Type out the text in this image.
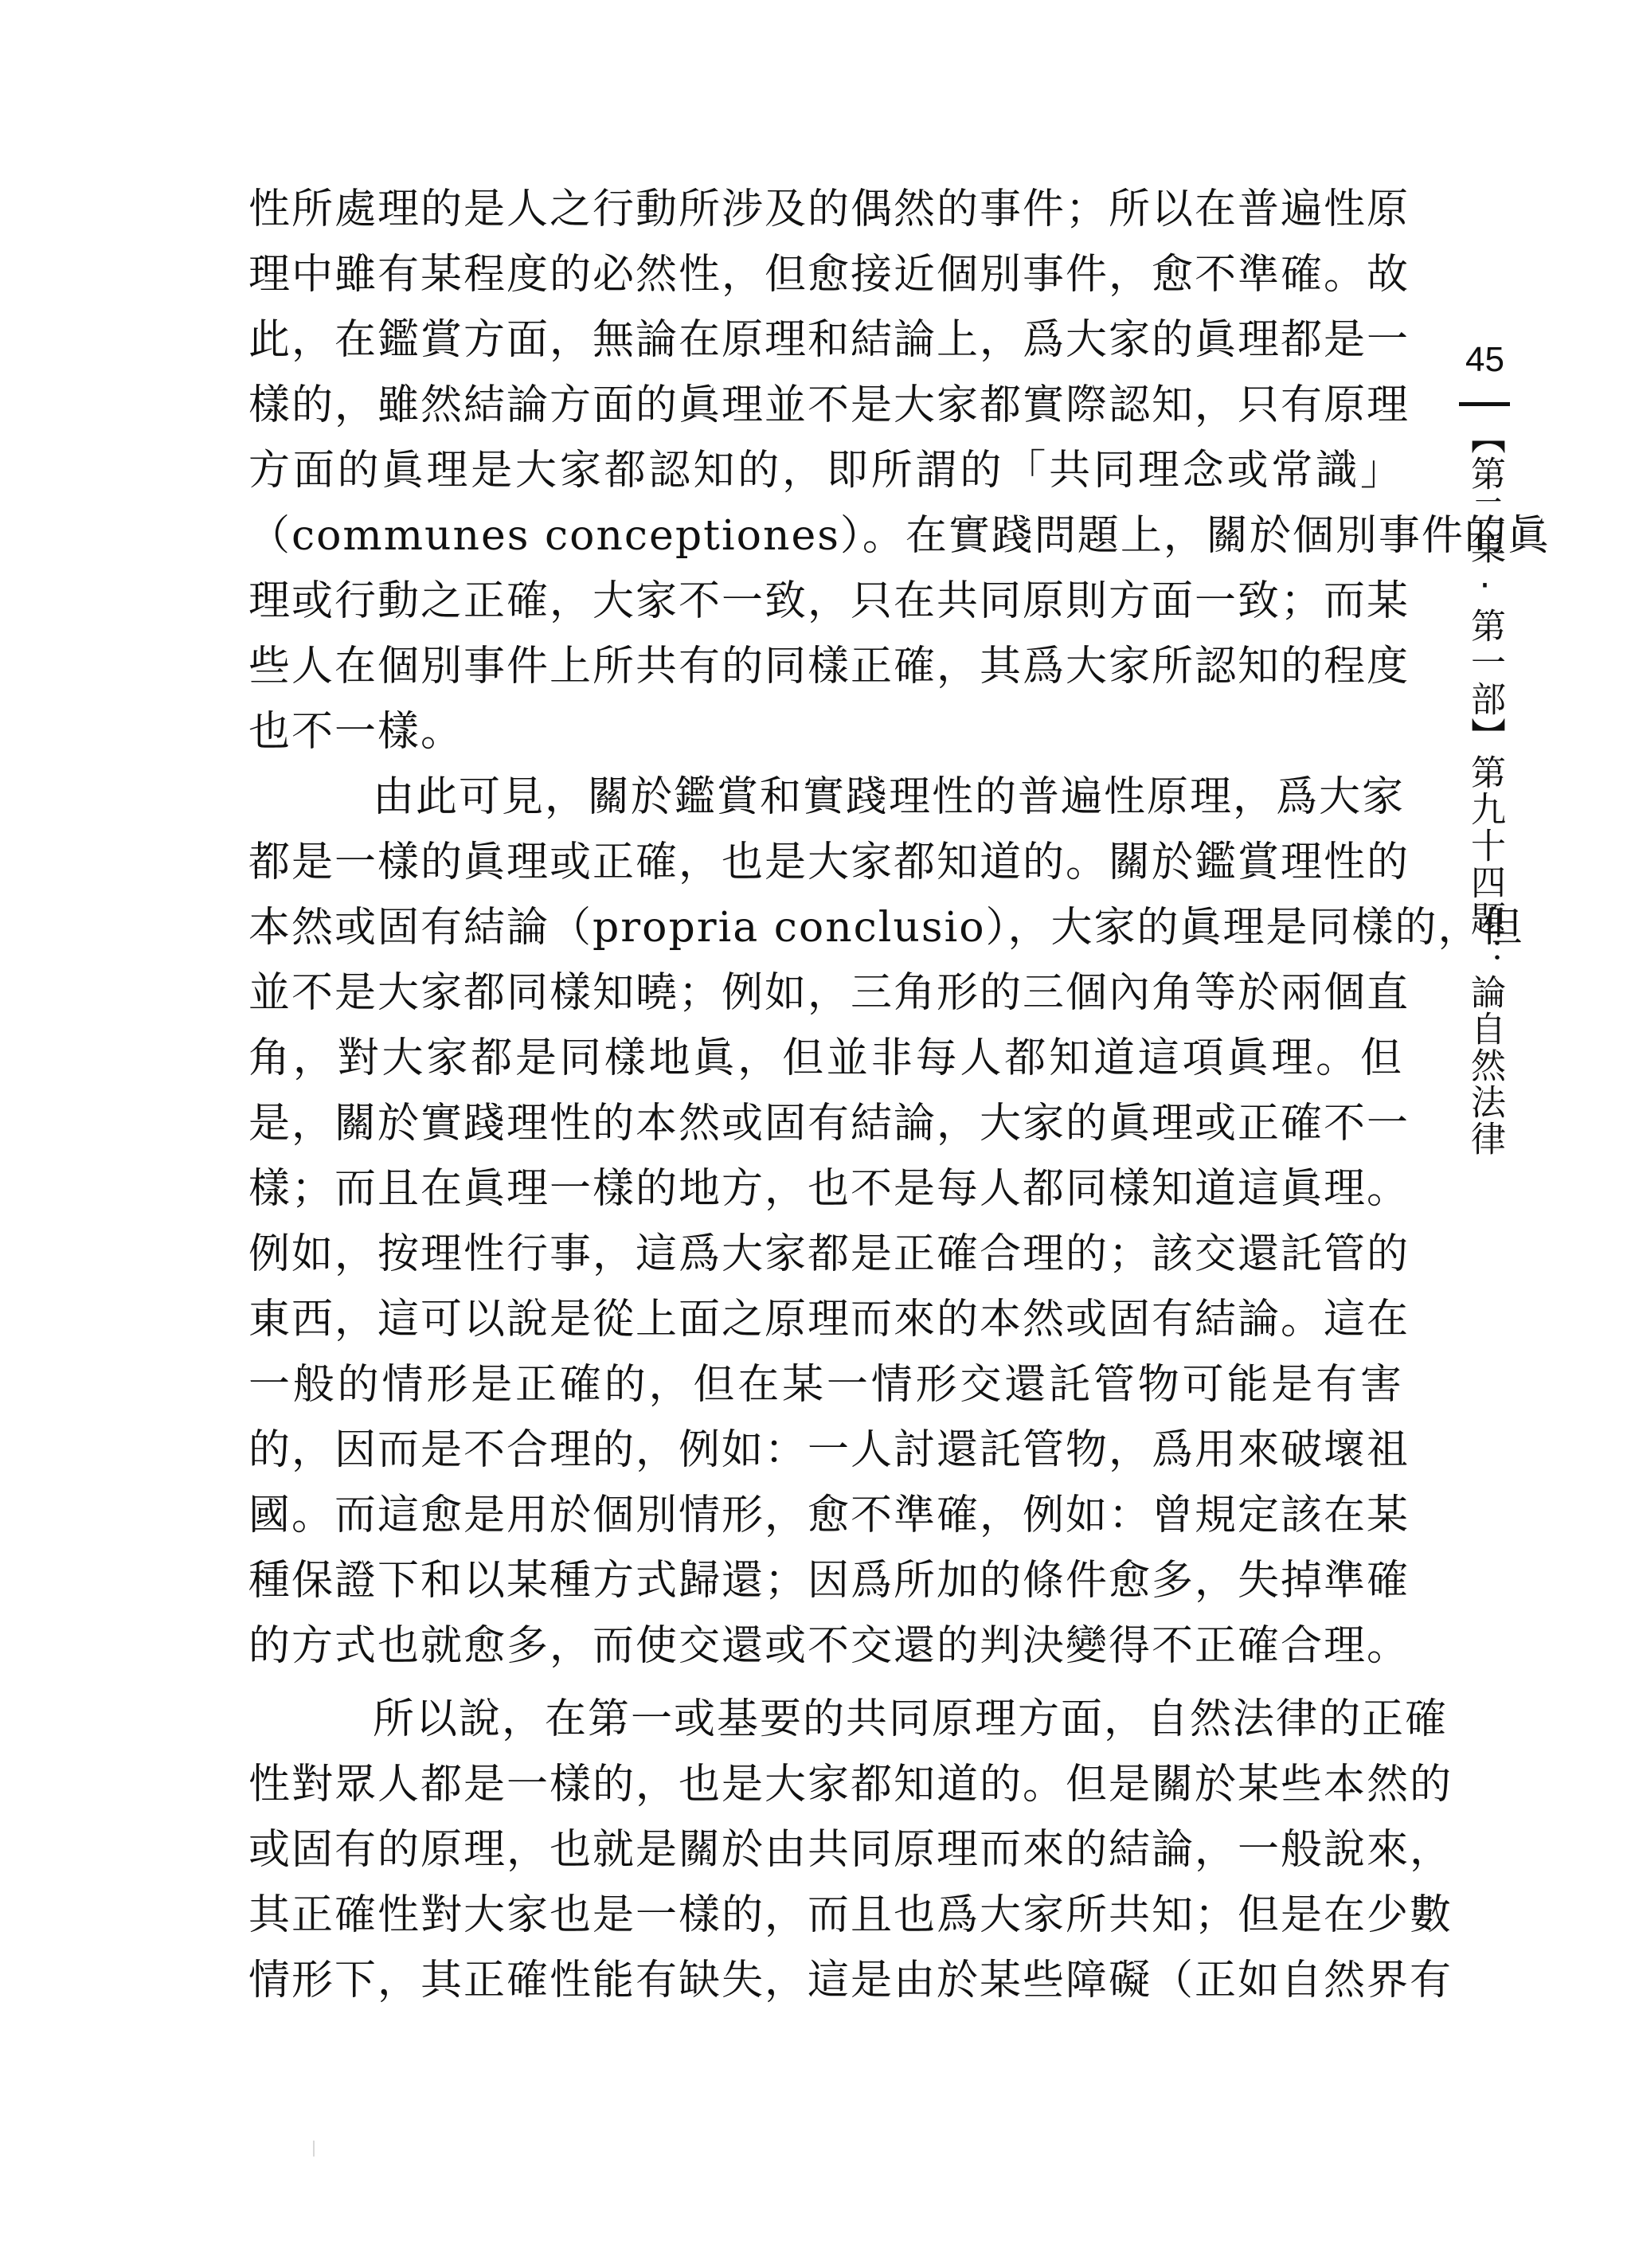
性所處理的是人之行動所涉及的偶然的事件；所以在普遍性原
理中雖有某程度的必然性，但愈接近個別事件，愈不準確。故
此，在鑑賞方面，無論在原理和結論上，爲大家的眞理都是一
樣的，雖然結論方面的眞理並不是大家都實際認知，只有原理
方面的眞理是大家都認知的，即所謂的「共同理念或常識」
（communes conceptiones）。在實踐問題上，關於個別事件的眞
理或行動之正確，大家不一致，只在共同原則方面一致；而某
些人在個別事件上所共有的同樣正確，其爲大家所認知的程度
也不一樣。
由此可見，關於鑑賞和實踐理性的普遍性原理，爲大家
都是一樣的眞理或正確，也是大家都知道的。關於鑑賞理性的
本然或固有結論（propria conclusio），大家的眞理是同樣的，但
並不是大家都同樣知曉；例如，三角形的三個內角等於兩個直
角，對大家都是同樣地眞，但並非每人都知道這項眞理。但
是，關於實踐理性的本然或固有結論，大家的眞理或正確不一
樣；而且在眞理一樣的地方，也不是每人都同樣知道這眞理。
例如，按理性行事，這爲大家都是正確合理的；該交還託管的
東西，這可以說是從上面之原理而來的本然或固有結論。這在
一般的情形是正確的，但在某一情形交還託管物可能是有害
的，因而是不合理的，例如：一人討還託管物，爲用來破壞祖
國。而這愈是用於個別情形，愈不準確，例如：曾規定該在某
種保證下和以某種方式歸還；因爲所加的條件愈多，失掉準確
的方式也就愈多，而使交還或不交還的判決變得不正確合理。
所以說，在第一或基要的共同原理方面，自然法律的正確
性對眾人都是一樣的，也是大家都知道的。但是關於某些本然的
或固有的原理，也就是關於由共同原理而來的結論，一般說來，
其正確性對大家也是一樣的，而且也爲大家所共知；但是在少數
情形下，其正確性能有缺失，這是由於某些障礙（正如自然界有
45
【第二集·第一部】第九十四題：論自然法律
